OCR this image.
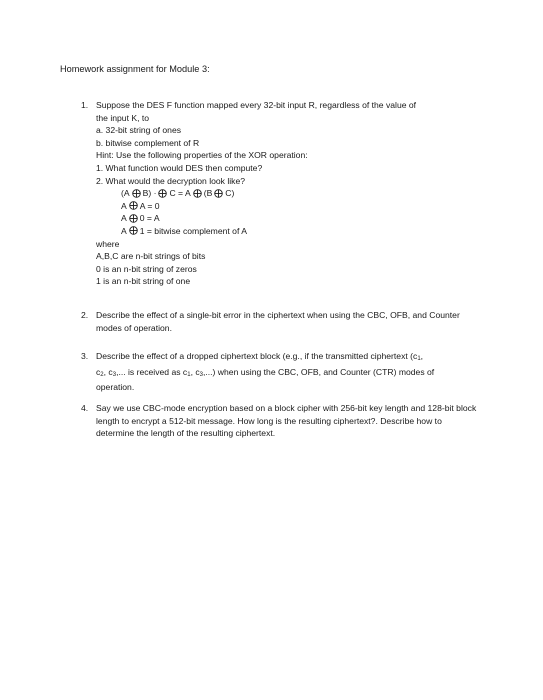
Homework assignment for Module 3:
1. Suppose the DES F function mapped every 32-bit input R, regardless of the value of
the input K, to
a. 32-bit string of ones
b. bitwise complement of R
Hint: Use the following properties of the XOR operation:
1. What function would DES then compute?
2. What would the decryption look like?
(A B) · C = A (B C)
A A = 0
A 0 = A
A 1 = bitwise complement of A
where
A,B,C are n-bit strings of bits
0 is an n-bit string of zeros
1 is an n-bit string of one
2. Describe the effect of a single-bit error in the ciphertext when using the CBC, OFB, and Counter modes of operation.
3. Describe the effect of a dropped ciphertext block (e.g., if the transmitted ciphertext (c1,
c2, c3,... is received as c1, c3,...) when using the CBC, OFB, and Counter (CTR) modes of
operation.
4. Say we use CBC-mode encryption based on a block cipher with 256-bit key length and 128-bit block length to encrypt a 512-bit message. How long is the resulting ciphertext?. Describe how to determine the length of the resulting ciphertext.
